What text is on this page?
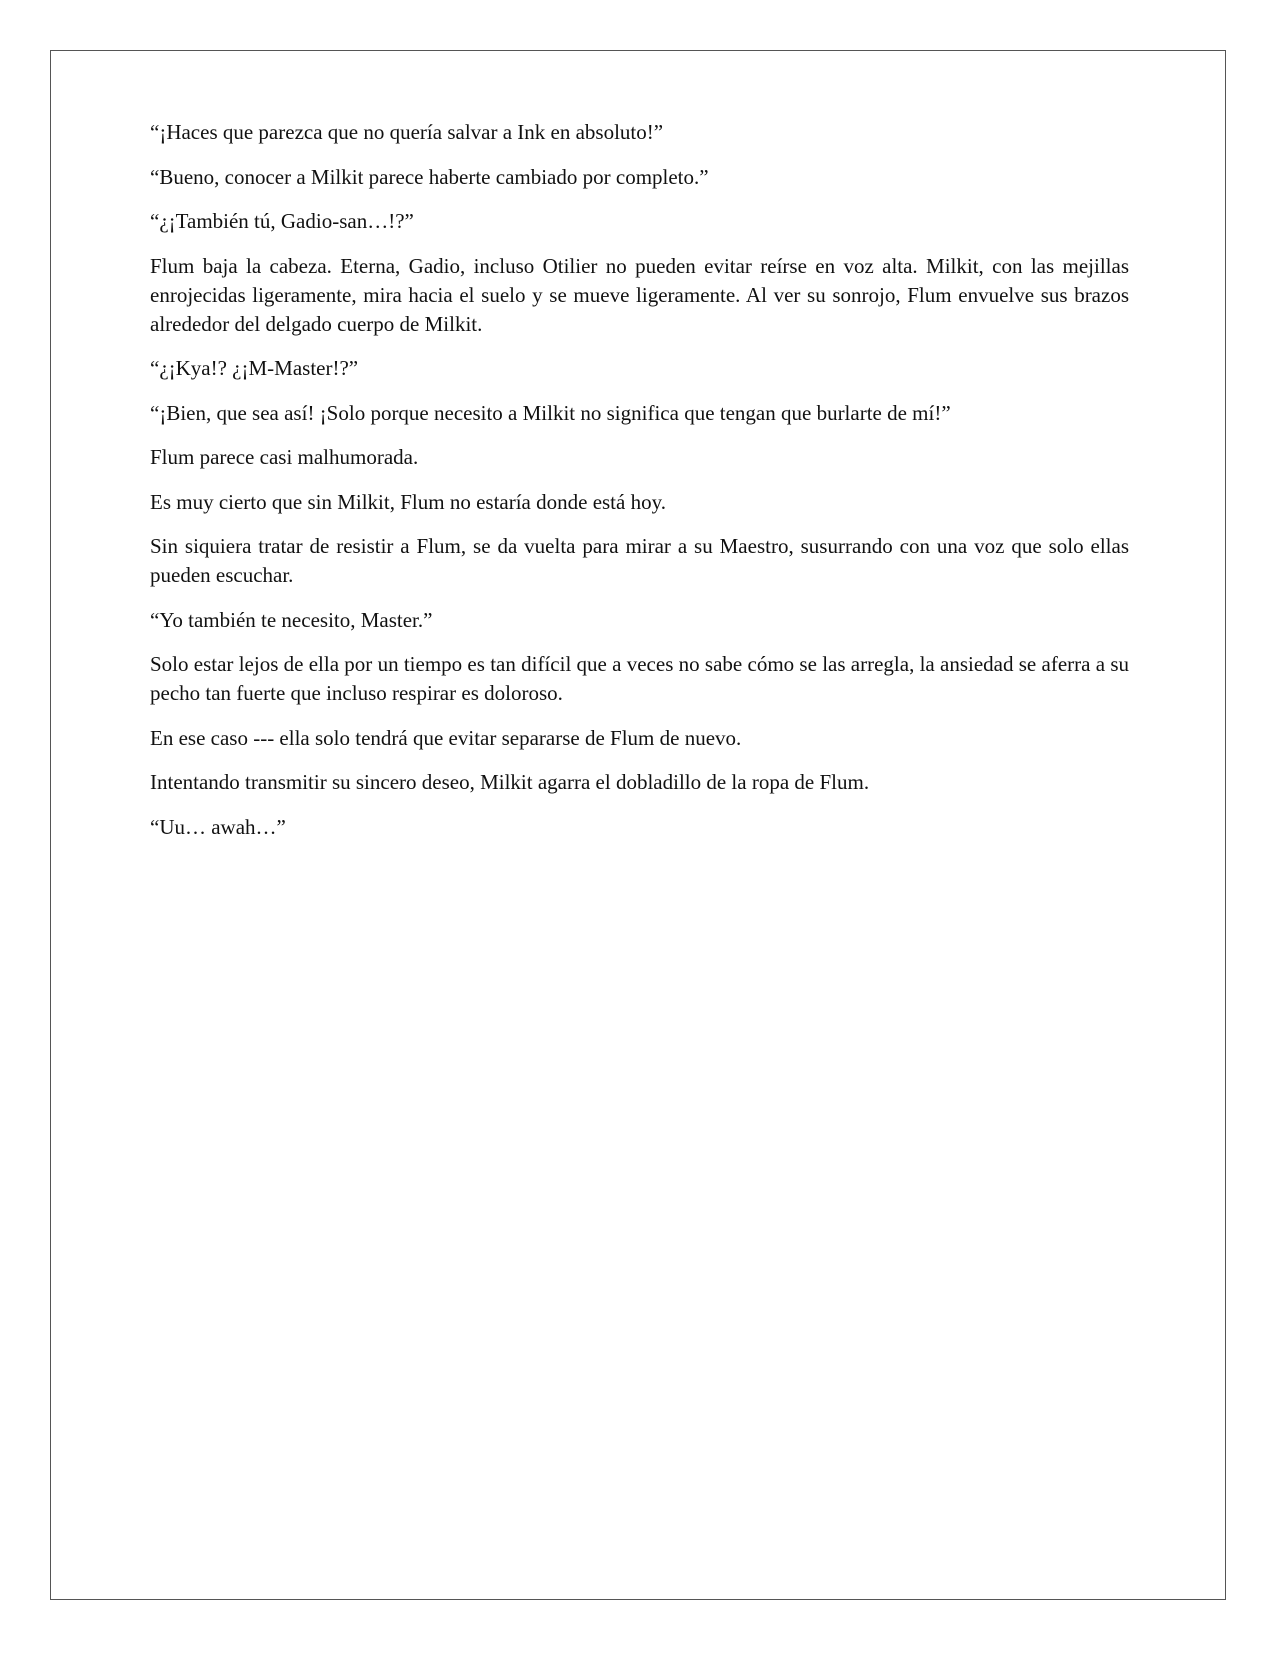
“¡Haces que parezca que no quería salvar a Ink en absoluto!”

“Bueno, conocer a Milkit parece haberte cambiado por completo.”

“¿¡También tú, Gadio-san…!?”

Flum baja la cabeza. Eterna, Gadio, incluso Otilier no pueden evitar reírse en voz alta. Milkit, con las mejillas enrojecidas ligeramente, mira hacia el suelo y se mueve ligeramente. Al ver su sonrojo, Flum envuelve sus brazos alrededor del delgado cuerpo de Milkit.

“¿¡Kya!? ¿¡M-Master!?”

“¡Bien, que sea así! ¡Solo porque necesito a Milkit no significa que tengan que burlarte de mí!”

Flum parece casi malhumorada.

Es muy cierto que sin Milkit, Flum no estaría donde está hoy.

Sin siquiera tratar de resistir a Flum, se da vuelta para mirar a su Maestro, susurrando con una voz que solo ellas pueden escuchar.

“Yo también te necesito, Master.”

Solo estar lejos de ella por un tiempo es tan difícil que a veces no sabe cómo se las arregla, la ansiedad se aferra a su pecho tan fuerte que incluso respirar es doloroso.

En ese caso --- ella solo tendrá que evitar separarse de Flum de nuevo.

Intentando transmitir su sincero deseo, Milkit agarra el dobladillo de la ropa de Flum.

“Uu… awah…”
